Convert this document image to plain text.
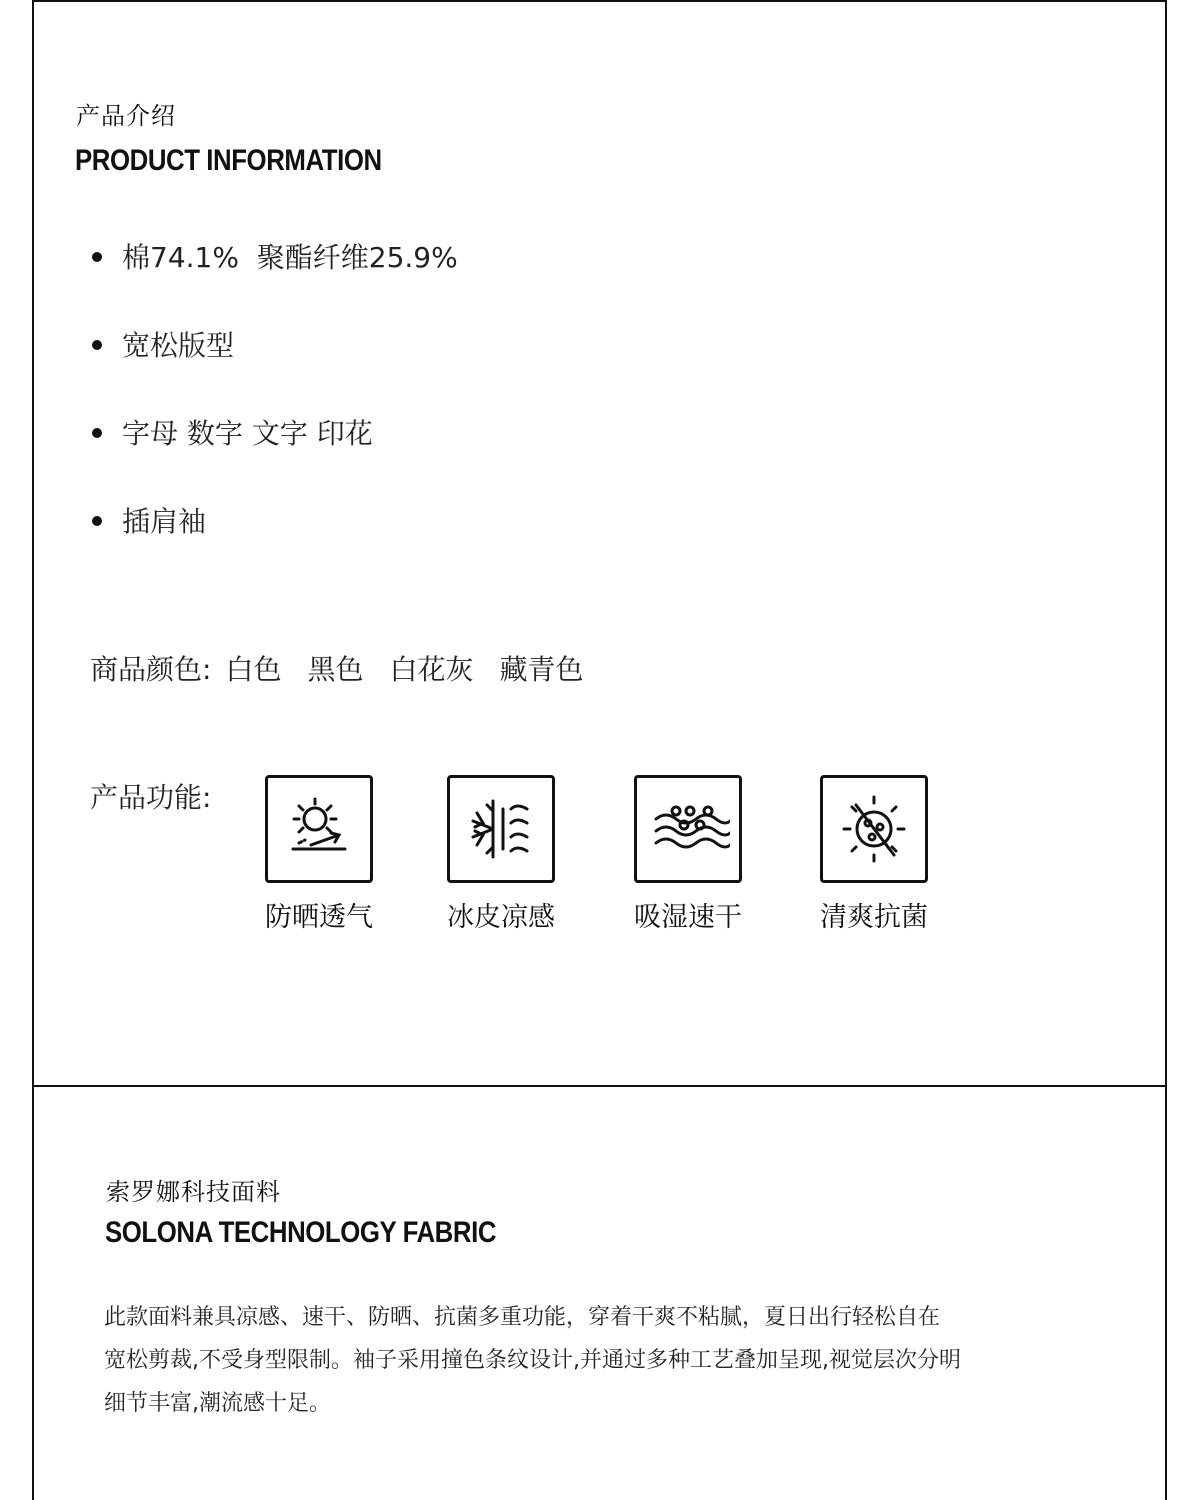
产品介绍
PRODUCT INFORMATION
棉74.1%  聚酯纤维25.9%
宽松版型
字母 数字 文字 印花
插肩袖
商品颜色: 白色 黑色 白花灰 藏青色
产品功能:
防晒透气	冰皮凉感	吸湿速干	清爽抗菌
索罗娜科技面料
SOLONA TECHNOLOGY FABRIC

此款面料兼具凉感、速干、防晒、抗菌多重功能，穿着干爽不粘腻，夏日出行轻松自在
宽松剪裁,不受身型限制。袖子采用撞色条纹设计,并通过多种工艺叠加呈现,视觉层次分明
细节丰富,潮流感十足。
